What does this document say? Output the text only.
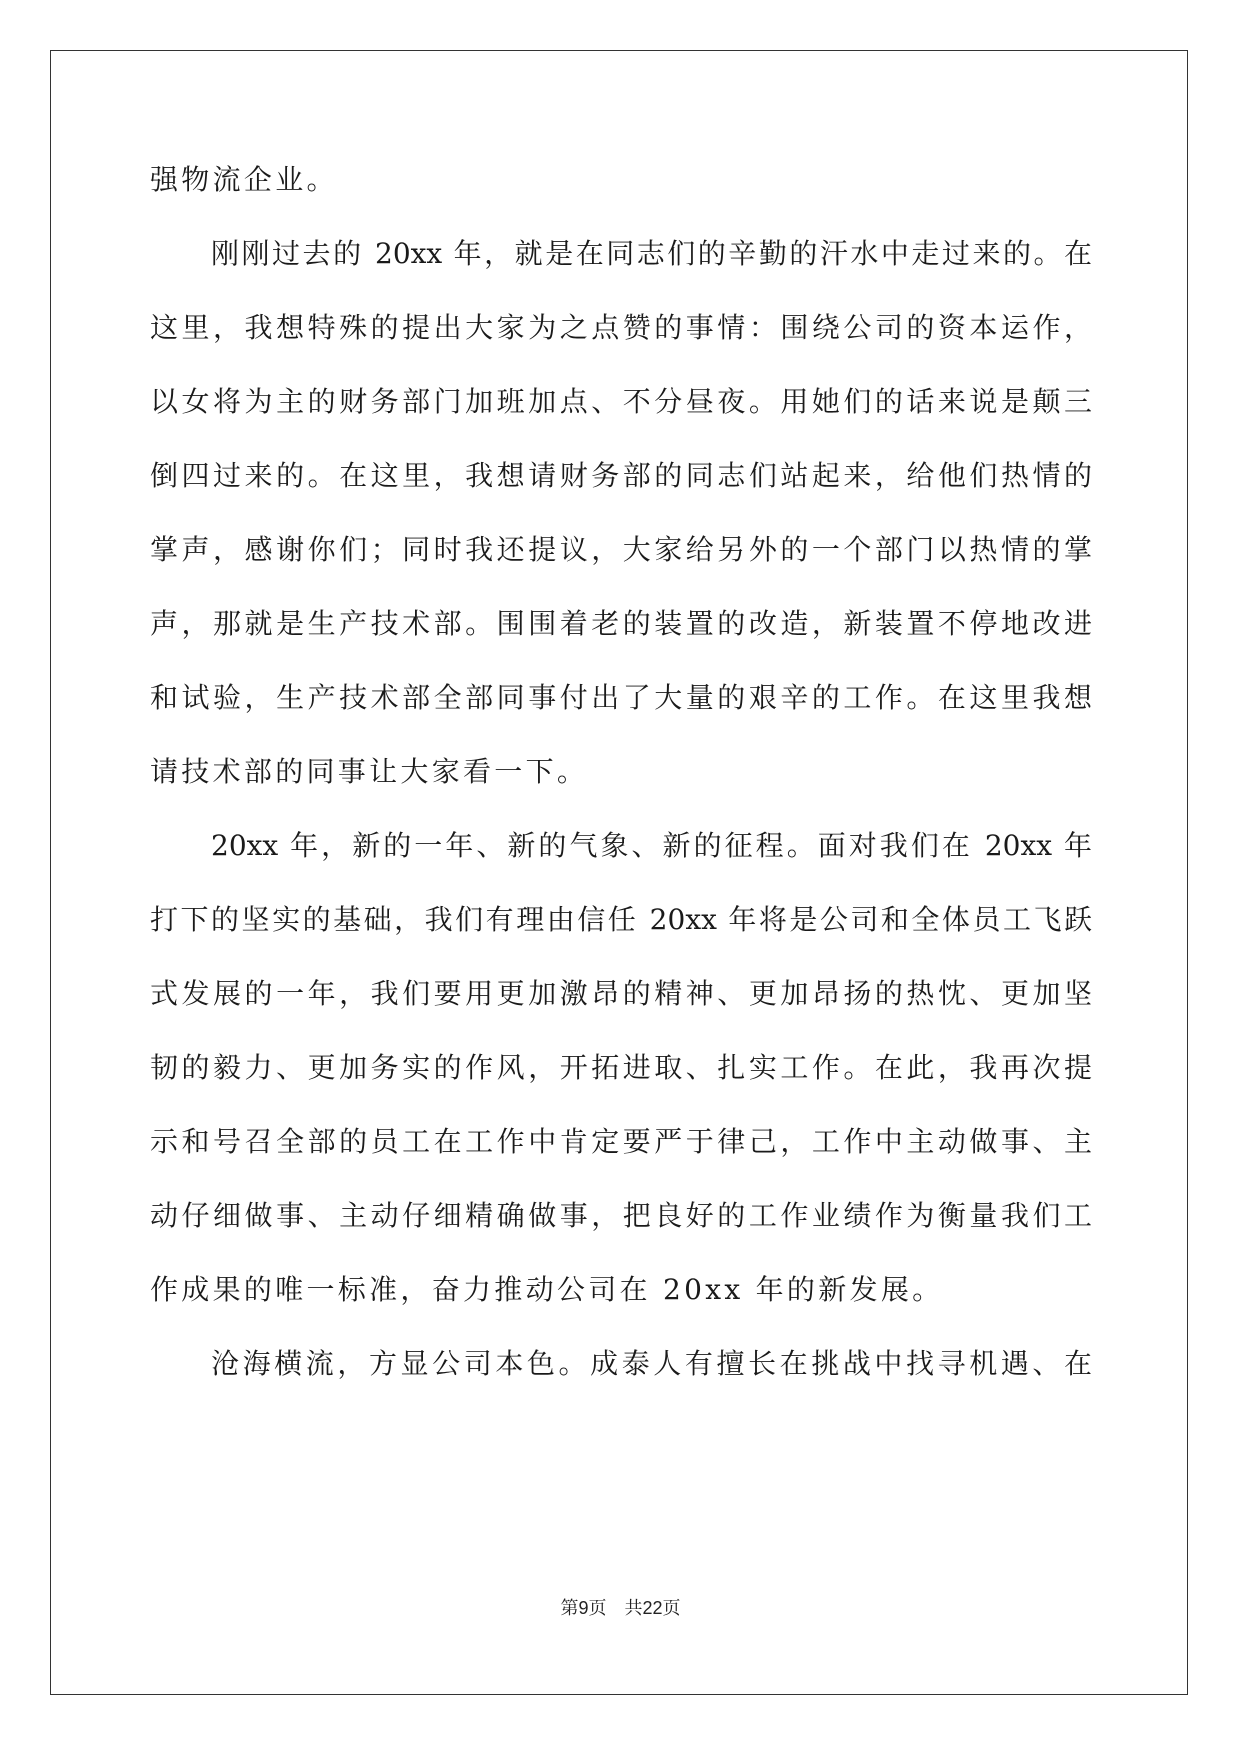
强物流企业。
刚刚过去的 20xx 年，就是在同志们的辛勤的汗水中走过来的。在
这里，我想特殊的提出大家为之点赞的事情：围绕公司的资本运作，
以女将为主的财务部门加班加点、不分昼夜。用她们的话来说是颠三
倒四过来的。在这里，我想请财务部的同志们站起来，给他们热情的
掌声，感谢你们；同时我还提议，大家给另外的一个部门以热情的掌
声，那就是生产技术部。围围着老的装置的改造，新装置不停地改进
和试验，生产技术部全部同事付出了大量的艰辛的工作。在这里我想
请技术部的同事让大家看一下。
20xx 年，新的一年、新的气象、新的征程。面对我们在 20xx 年
打下的坚实的基础，我们有理由信任 20xx 年将是公司和全体员工飞跃
式发展的一年，我们要用更加激昂的精神、更加昂扬的热忱、更加坚
韧的毅力、更加务实的作风，开拓进取、扎实工作。在此，我再次提
示和号召全部的员工在工作中肯定要严于律己，工作中主动做事、主
动仔细做事、主动仔细精确做事，把良好的工作业绩作为衡量我们工
作成果的唯一标准，奋力推动公司在 20xx 年的新发展。
沧海横流，方显公司本色。成泰人有擅长在挑战中找寻机遇、在
第9页 共22页
